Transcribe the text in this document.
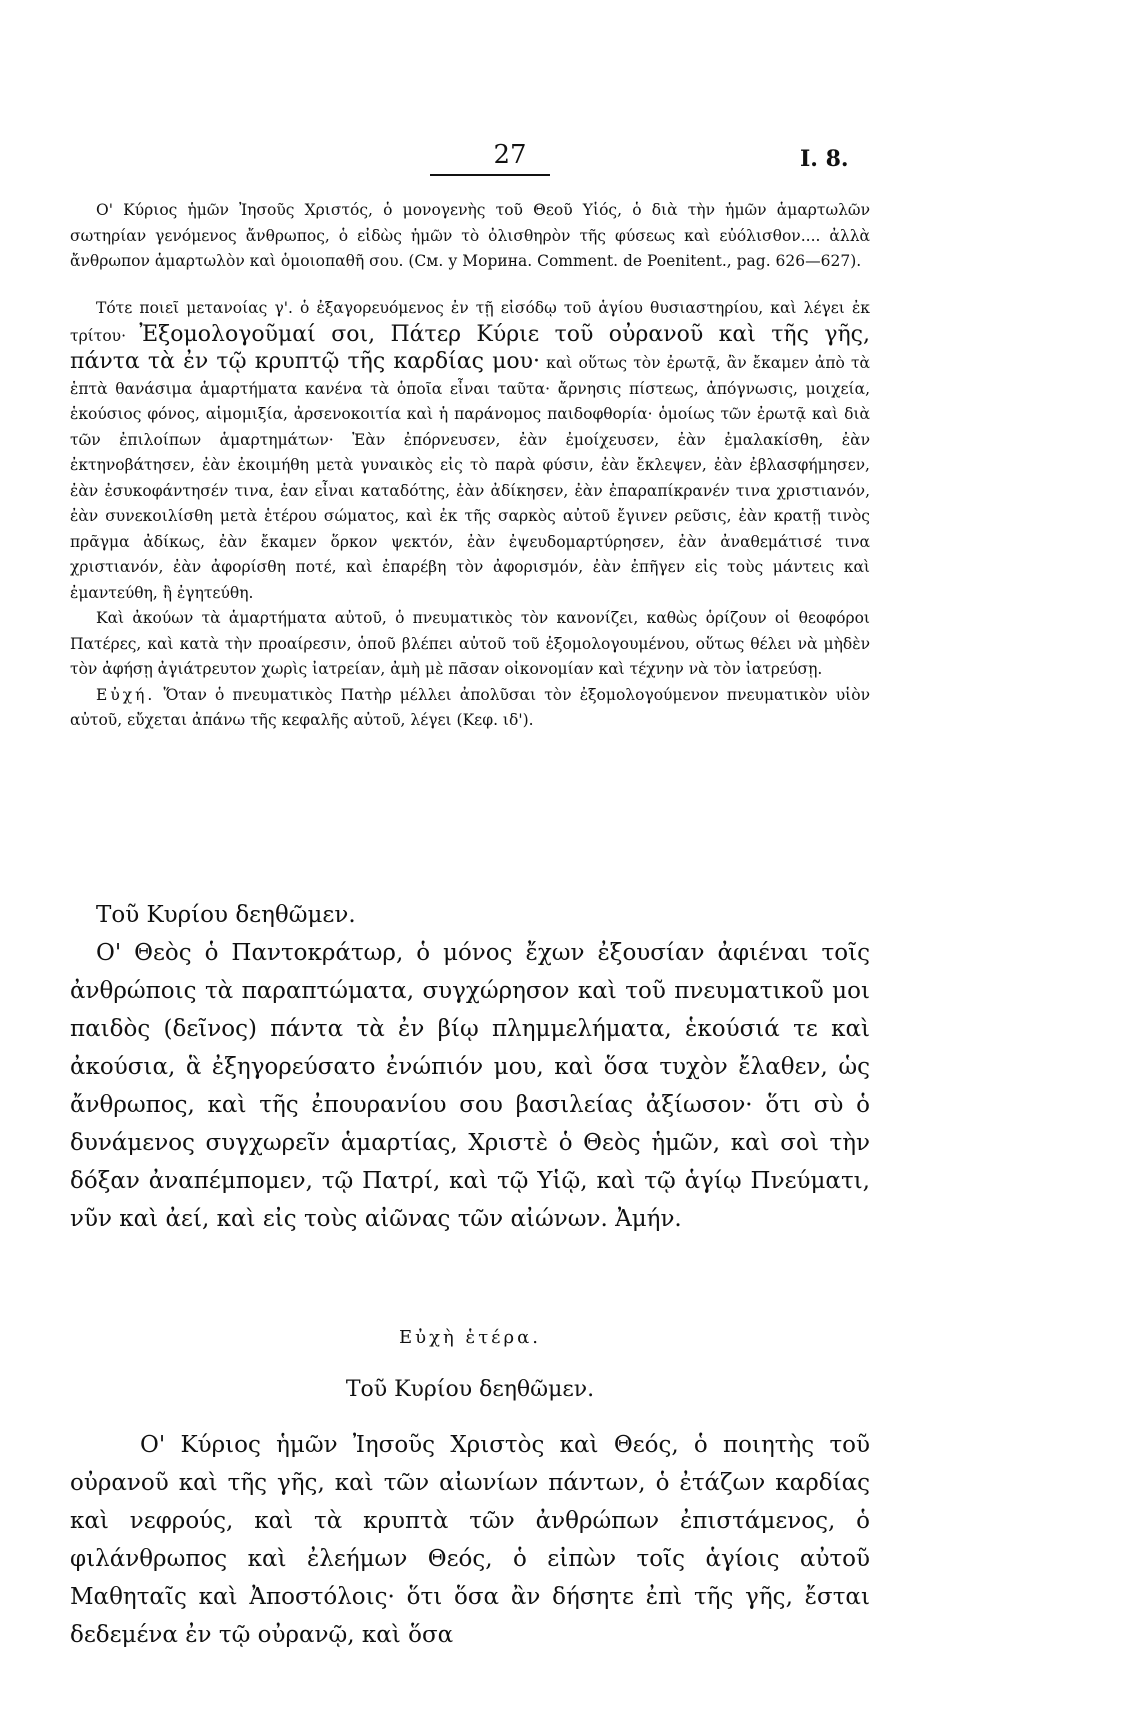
27	I. 8.

Ο' Κύριος ἡμῶν Ἰησοῦς Χριστός, ὁ μονογενὴς τοῦ Θεοῦ Υἱός, ὁ διὰ τὴν ἡμῶν ἁμαρτωλῶν σωτηρίαν γενόμενος ἄνθρωπος, ὁ εἰδὼς ἡμῶν τὸ ὀλισθηρὸν τῆς φύσεως καὶ εὐόλισθον.... ἀλλὰ ἄνθρωπον ἁμαρτωλὸν καὶ ὁμοιοπαθῆ σου. (См. у Морина. Comment. de Poenitent., pag. 626—627).

Τότε ποιεῖ μετανοίας γ'. ὁ ἐξαγορευόμενος ἐν τῇ εἰσόδῳ τοῦ ἁγίου θυσιαστηρίου, καὶ λέγει ἐκ τρίτου· Ἐξομολογοῦμαί σοι, Πάτερ Κύριε τοῦ οὐρανοῦ καὶ τῆς γῆς, πάντα τὰ ἐν τῷ κρυπτῷ τῆς καρδίας μου· καὶ οὕτως τὸν ἐρωτᾷ, ἂν ἔκαμεν ἀπὸ τὰ ἑπτὰ θανάσιμα ἁμαρτήματα κανένα τὰ ὁποῖα εἶναι ταῦτα· ἄρνησις πίστεως, ἀπόγνωσις, μοιχεία, ἑκούσιος φόνος, αἱμομιξία, ἀρσενοκοιτία καὶ ἡ παράνομος παιδοφθορία· ὁμοίως τῶν ἐρωτᾷ καὶ διὰ τῶν ἐπιλοίπων ἁμαρτημάτων· Ἐὰν ἐπόρνευσεν, ἐὰν ἐμοίχευσεν, ἐὰν ἐμαλακίσθη, ἐὰν ἐκτηνοβάτησεν, ἐὰν ἐκοιμήθη μετὰ γυναικὸς εἰς τὸ παρὰ φύσιν, ἐὰν ἔκλεψεν, ἐὰν ἐβλασφήμησεν, ἐὰν ἐσυκοφάντησέν τινα, ἐαν εἶναι καταδότης, ἐὰν ἀδίκησεν, ἐὰν ἐπαραπίκρανέν τινα χριστιανόν, ἐὰν συνεκοιλίσθη μετὰ ἑτέρου σώματος, καὶ ἐκ τῆς σαρκὸς αὐτοῦ ἔγινεν ρεῦσις, ἐὰν κρατῇ τινὸς πρᾶγμα ἀδίκως, ἐὰν ἔκαμεν ὅρκον ψεκτόν, ἐὰν ἐψευδομαρτύρησεν, ἐὰν ἀναθεμάτισέ τινα χριστιανόν, ἐὰν ἀφορίσθη ποτέ, καὶ ἐπαρέβη τὸν ἀφορισμόν, ἐὰν ἐπῆγεν εἰς τοὺς μάντεις καὶ ἐμαντεύθη, ἢ ἐγητεύθη.

Καὶ ἀκούων τὰ ἁμαρτήματα αὐτοῦ, ὁ πνευματικὸς τὸν κανονίζει, καθὼς ὁρίζουν οἱ θεοφόροι Πατέρες, καὶ κατὰ τὴν προαίρεσιν, ὁποῦ βλέπει αὐτοῦ τοῦ ἐξομολογουμένου, οὕτως θέλει νὰ μὴδὲν τὸν ἀφήσῃ ἀγιάτρευτον χωρὶς ἰατρείαν, ἀμὴ μὲ πᾶσαν οἰκονομίαν καὶ τέχνην νὰ τὸν ἰατρεύσῃ.

Εὐχή. Ὅταν ὁ πνευματικὸς Πατὴρ μέλλει ἀπολῦσαι τὸν ἐξομολογούμενον πνευματικὸν υἱὸν αὐτοῦ, εὔχεται ἀπάνω τῆς κεφαλῆς αὐτοῦ, λέγει (Κεφ. ιδ').

Τοῦ Κυρίου δεηθῶμεν.

Ο' Θεὸς ὁ Παντοκράτωρ, ὁ μόνος ἔχων ἐξουσίαν ἀφιέναι τοῖς ἀνθρώποις τὰ παραπτώματα, συγχώρησον καὶ τοῦ πνευματικοῦ μοι παιδὸς (δεῖνος) πάντα τὰ ἐν βίῳ πλημμελήματα, ἑκούσιά τε καὶ ἀκούσια, ἃ ἐξηγορεύσατο ἐνώπιόν μου, καὶ ὅσα τυχὸν ἔλαθεν, ὡς ἄνθρωπος, καὶ τῆς ἐπουρανίου σου βασιλείας ἀξίωσον· ὅτι σὺ ὁ δυνάμενος συγχωρεῖν ἁμαρτίας, Χριστὲ ὁ Θεὸς ἡμῶν, καὶ σοὶ τὴν δόξαν ἀναπέμπομεν, τῷ Πατρί, καὶ τῷ Υἱῷ, καὶ τῷ ἁγίῳ Πνεύματι, νῦν καὶ ἀεί, καὶ εἰς τοὺς αἰῶνας τῶν αἰώνων. Ἀμήν.

Εὐχὴ ἑτέρα.

Τοῦ Κυρίου δεηθῶμεν.

Ο' Κύριος ἡμῶν Ἰησοῦς Χριστὸς καὶ Θεός, ὁ ποιητὴς τοῦ οὐρανοῦ καὶ τῆς γῆς, καὶ τῶν αἰωνίων πάντων, ὁ ἐτάζων καρδίας καὶ νεφρούς, καὶ τὰ κρυπτὰ τῶν ἀνθρώπων ἐπιστάμενος, ὁ φιλάνθρωπος καὶ ἐλεήμων Θεός, ὁ εἰπὼν τοῖς ἁγίοις αὐτοῦ Μαθηταῖς καὶ Ἀποστόλοις· ὅτι ὅσα ἂν δήσητε ἐπὶ τῆς γῆς, ἔσται δεδεμένα ἐν τῷ οὐρανῷ, καὶ ὅσα
